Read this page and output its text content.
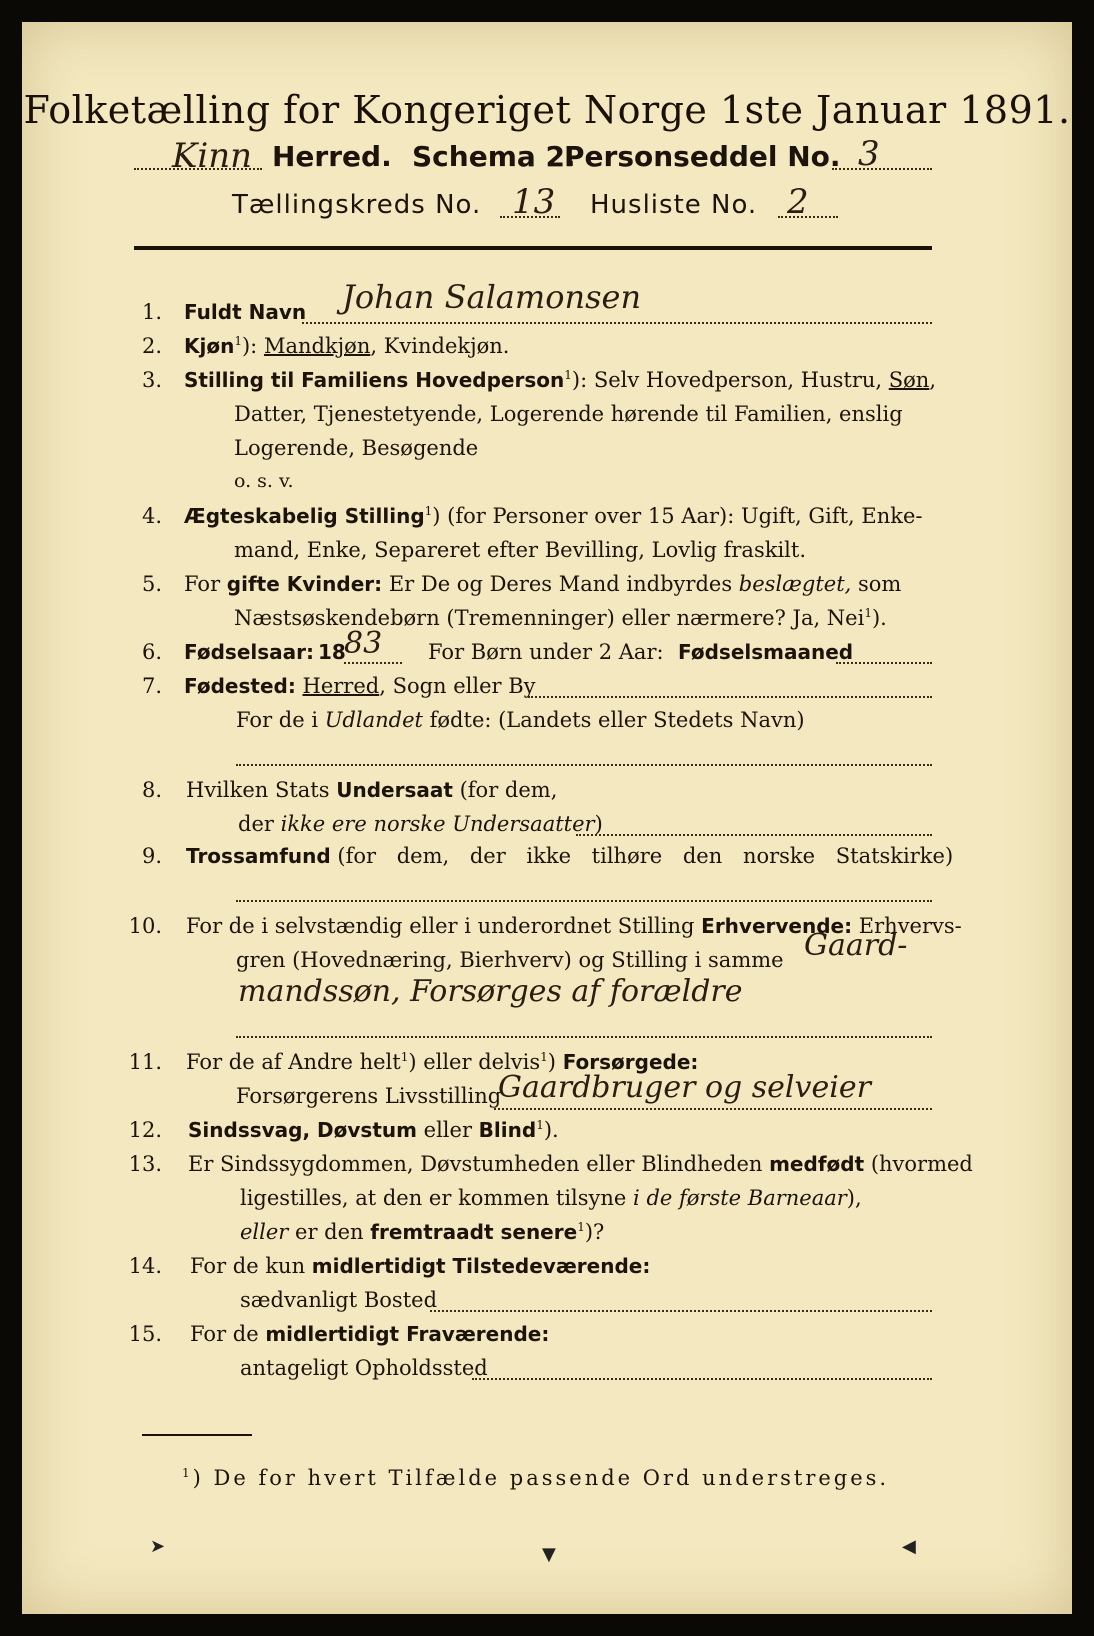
Folketælling for Kongeriget Norge 1ste Januar 1891.
Kinn Herred. Schema 2.
Personseddel No. 3
Tællingskreds No. 13 Husliste No. 2
1. Fuldt Navn Johan Salamonsen
2. Kjøn$^1$): Mandkjøn, Kvindekjøn.
3. Stilling til Familiens Hovedperson$^1$): Selv Hovedperson, Hustru, Søn,
Datter, Tjenestetyende, Logerende hørende til Familien, enslig
Logerende, Besøgende
o. s. v.
4. Ægteskabelig Stilling$^1$) (for Personer over 15 Aar): Ugift, Gift, Enke-
mand, Enke, Separeret efter Bevilling, Lovlig fraskilt.
5. For gifte Kvinder: Er De og Deres Mand indbyrdes beslægtet, som
Næstsøskendebørn (Tremenninger) eller nærmere? Ja, Nei$^1$).
6. Fødselsaar: 18
83 For Børn under 2 Aar: Fødselsmaaned
7. Fødested: Herred, Sogn eller By
For de i Udlandet fødte: (Landets eller Stedets Navn)
8. Hvilken Stats Undersaat (for dem,
der ikke ere norske Undersaatter)
9. Trossamfund (for dem, der ikke tilhøre den norske Statskirke)
10. For de i selvstændig eller i underordnet Stilling Erhvervende: Erhvervs-
gren (Hovednæring, Bierhverv) og Stilling i samme Gaard-
mandssøn, Forsørges af forældre
11. For de af Andre helt$^1$) eller delvis$^1$) Forsørgede:
Forsørgerens Livsstilling
Gaardbruger og selveier
12. Sindssvag, Døvstum eller Blind$^1$).
13. Er Sindssygdommen, Døvstumheden eller Blindheden medfødt (hvormed
ligestilles, at den er kommen tilsyne i de første Barneaar),
eller er den fremtraadt senere$^1$)?
14. For de kun midlertidigt Tilstedeværende:
sædvanligt Bosted
15. For de midlertidigt Fraværende:
antageligt Opholdssted
$^1$) De for hvert Tilfælde passende Ord understreges.
➤	▼	◀
